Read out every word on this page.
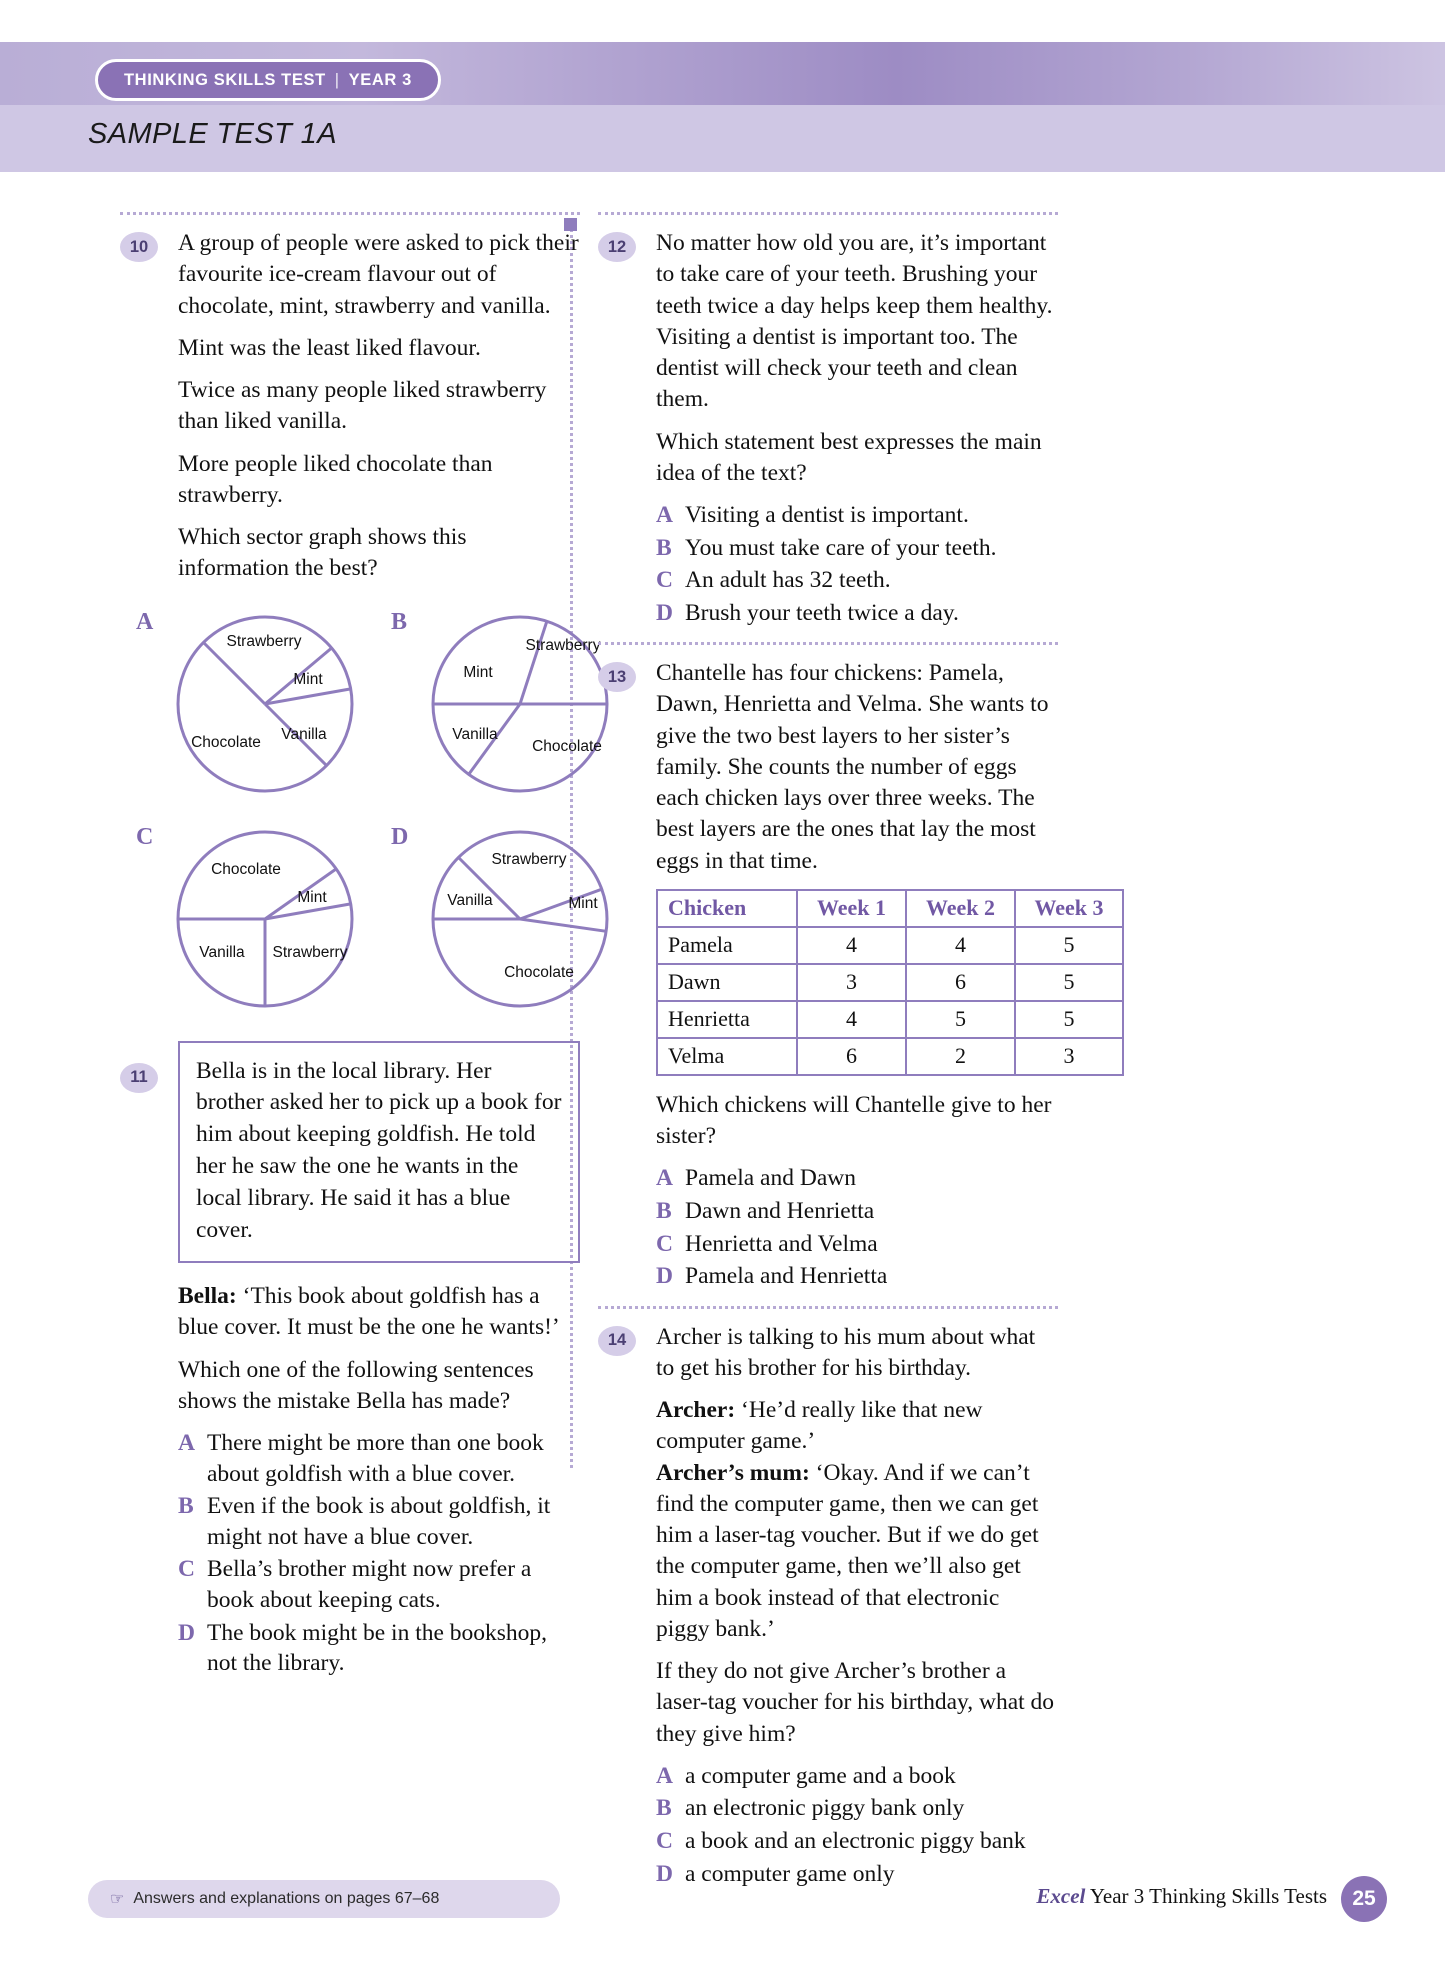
THINKING SKILLS TEST | YEAR 3
SAMPLE TEST 1A
10	A group of people were asked to pick their favourite ice-cream flavour out of chocolate, mint, strawberry and vanilla.

Mint was the least liked flavour.

Twice as many people liked strawberry than liked vanilla.

More people liked chocolate than strawberry.

Which sector graph shows this information the best?

A
Strawberry
Mint
Vanilla
Chocolate
B
Strawberry
Chocolate
Vanilla
Mint
C
Mint
Strawberry
Vanilla
Chocolate
D
Strawberry
Mint
Chocolate
Vanilla
11	Bella is in the local library. Her brother asked her to pick up a book for him about keeping goldfish. He told her he saw the one he wants in the local library. He said it has a blue cover.

Bella: ‘This book about goldfish has a blue cover. It must be the one he wants!’

Which one of the following sentences shows the mistake Bella has made?

A There might be more than one book about goldfish with a blue cover.
B Even if the book is about goldfish, it might not have a blue cover.
C Bella’s brother might now prefer a book about keeping cats.
D The book might be in the bookshop, not the library.
12	No matter how old you are, it’s important to take care of your teeth. Brushing your teeth twice a day helps keep them healthy. Visiting a dentist is important too. The dentist will check your teeth and clean them.

Which statement best expresses the main idea of the text?

A Visiting a dentist is important.
B You must take care of your teeth.
C An adult has 32 teeth.
D Brush your teeth twice a day.
13	Chantelle has four chickens: Pamela, Dawn, Henrietta and Velma. She wants to give the two best layers to her sister’s family. She counts the number of eggs each chicken lays over three weeks. The best layers are the ones that lay the most eggs in that time.

Chicken	Week 1	Week 2	Week 3
Pamela	4	4	5
Dawn	3	6	5
Henrietta	4	5	5
Velma	6	2	3

Which chickens will Chantelle give to her sister?

A Pamela and Dawn
B Dawn and Henrietta
C Henrietta and Velma
D Pamela and Henrietta
14	Archer is talking to his mum about what to get his brother for his birthday.

Archer: ‘He’d really like that new computer game.’

Archer’s mum: ‘Okay. And if we can’t find the computer game, then we can get him a laser-tag voucher. But if we do get the computer game, then we’ll also get him a book instead of that electronic piggy bank.’

If they do not give Archer’s brother a laser-tag voucher for his birthday, what do they give him?

A a computer game and a book
B an electronic piggy bank only
C a book and an electronic piggy bank
D a computer game only
☞ Answers and explanations on pages 67–68	Excel Year 3 Thinking Skills Tests	25
